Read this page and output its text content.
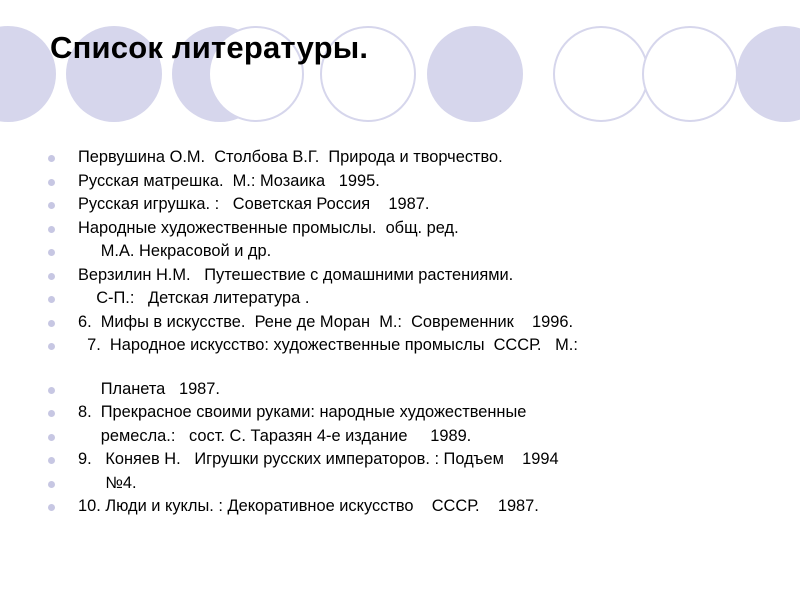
Список литературы.

Первушина О.М.  Столбова В.Г.  Природа и творчество.

Русская матрешка.  М.: Мозаика   1995.

Русская игрушка. :   Советская Россия    1987.

Народные художественные промыслы.  общ. ред.

М.А. Некрасовой и др.

Верзилин Н.М.   Путешествие с домашними растениями.

С-П.:   Детская литература .

6.  Мифы в искусстве.  Рене де Моран  М.:  Современник    1996.

7.  Народное искусство: художественные промыслы  СССР.   М.:

Планета   1987.

8.  Прекрасное своими руками: народные художественные

ремесла.:   сост. С. Таразян 4-е издание     1989.

9.   Коняев Н.   Игрушки русских императоров. : Подъем    1994

№4.

10. Люди и куклы. : Декоративное искусство    СССР.    1987.
